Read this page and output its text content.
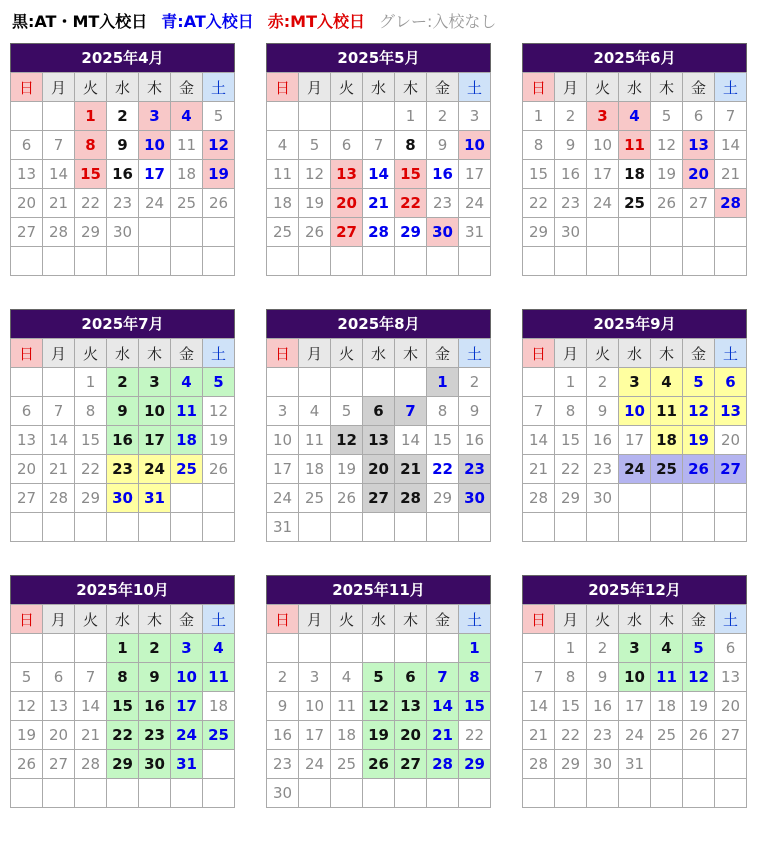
黒:AT・MT入校日 青:AT入校日 赤:MT入校日 グレー:入校なし
2025年4月
日	月	火	水	木	金	土
		1	2	3	4	5
6	7	8	9	10	11	12
13	14	15	16	17	18	19
20	21	22	23	24	25	26
27	28	29	30			

2025年5月
日	月	火	水	木	金	土
				1	2	3
4	5	6	7	8	9	10
11	12	13	14	15	16	17
18	19	20	21	22	23	24
25	26	27	28	29	30	31

2025年6月
日	月	火	水	木	金	土
1	2	3	4	5	6	7
8	9	10	11	12	13	14
15	16	17	18	19	20	21
22	23	24	25	26	27	28
29	30					

2025年7月
日	月	火	水	木	金	土
		1	2	3	4	5
6	7	8	9	10	11	12
13	14	15	16	17	18	19
20	21	22	23	24	25	26
27	28	29	30	31		

2025年8月
日	月	火	水	木	金	土
					1	2
3	4	5	6	7	8	9
10	11	12	13	14	15	16
17	18	19	20	21	22	23
24	25	26	27	28	29	30
31						
2025年9月
日	月	火	水	木	金	土
	1	2	3	4	5	6
7	8	9	10	11	12	13
14	15	16	17	18	19	20
21	22	23	24	25	26	27
28	29	30				

2025年10月
日	月	火	水	木	金	土
			1	2	3	4
5	6	7	8	9	10	11
12	13	14	15	16	17	18
19	20	21	22	23	24	25
26	27	28	29	30	31	

2025年11月
日	月	火	水	木	金	土
						1
2	3	4	5	6	7	8
9	10	11	12	13	14	15
16	17	18	19	20	21	22
23	24	25	26	27	28	29
30						
2025年12月
日	月	火	水	木	金	土
	1	2	3	4	5	6
7	8	9	10	11	12	13
14	15	16	17	18	19	20
21	22	23	24	25	26	27
28	29	30	31			
